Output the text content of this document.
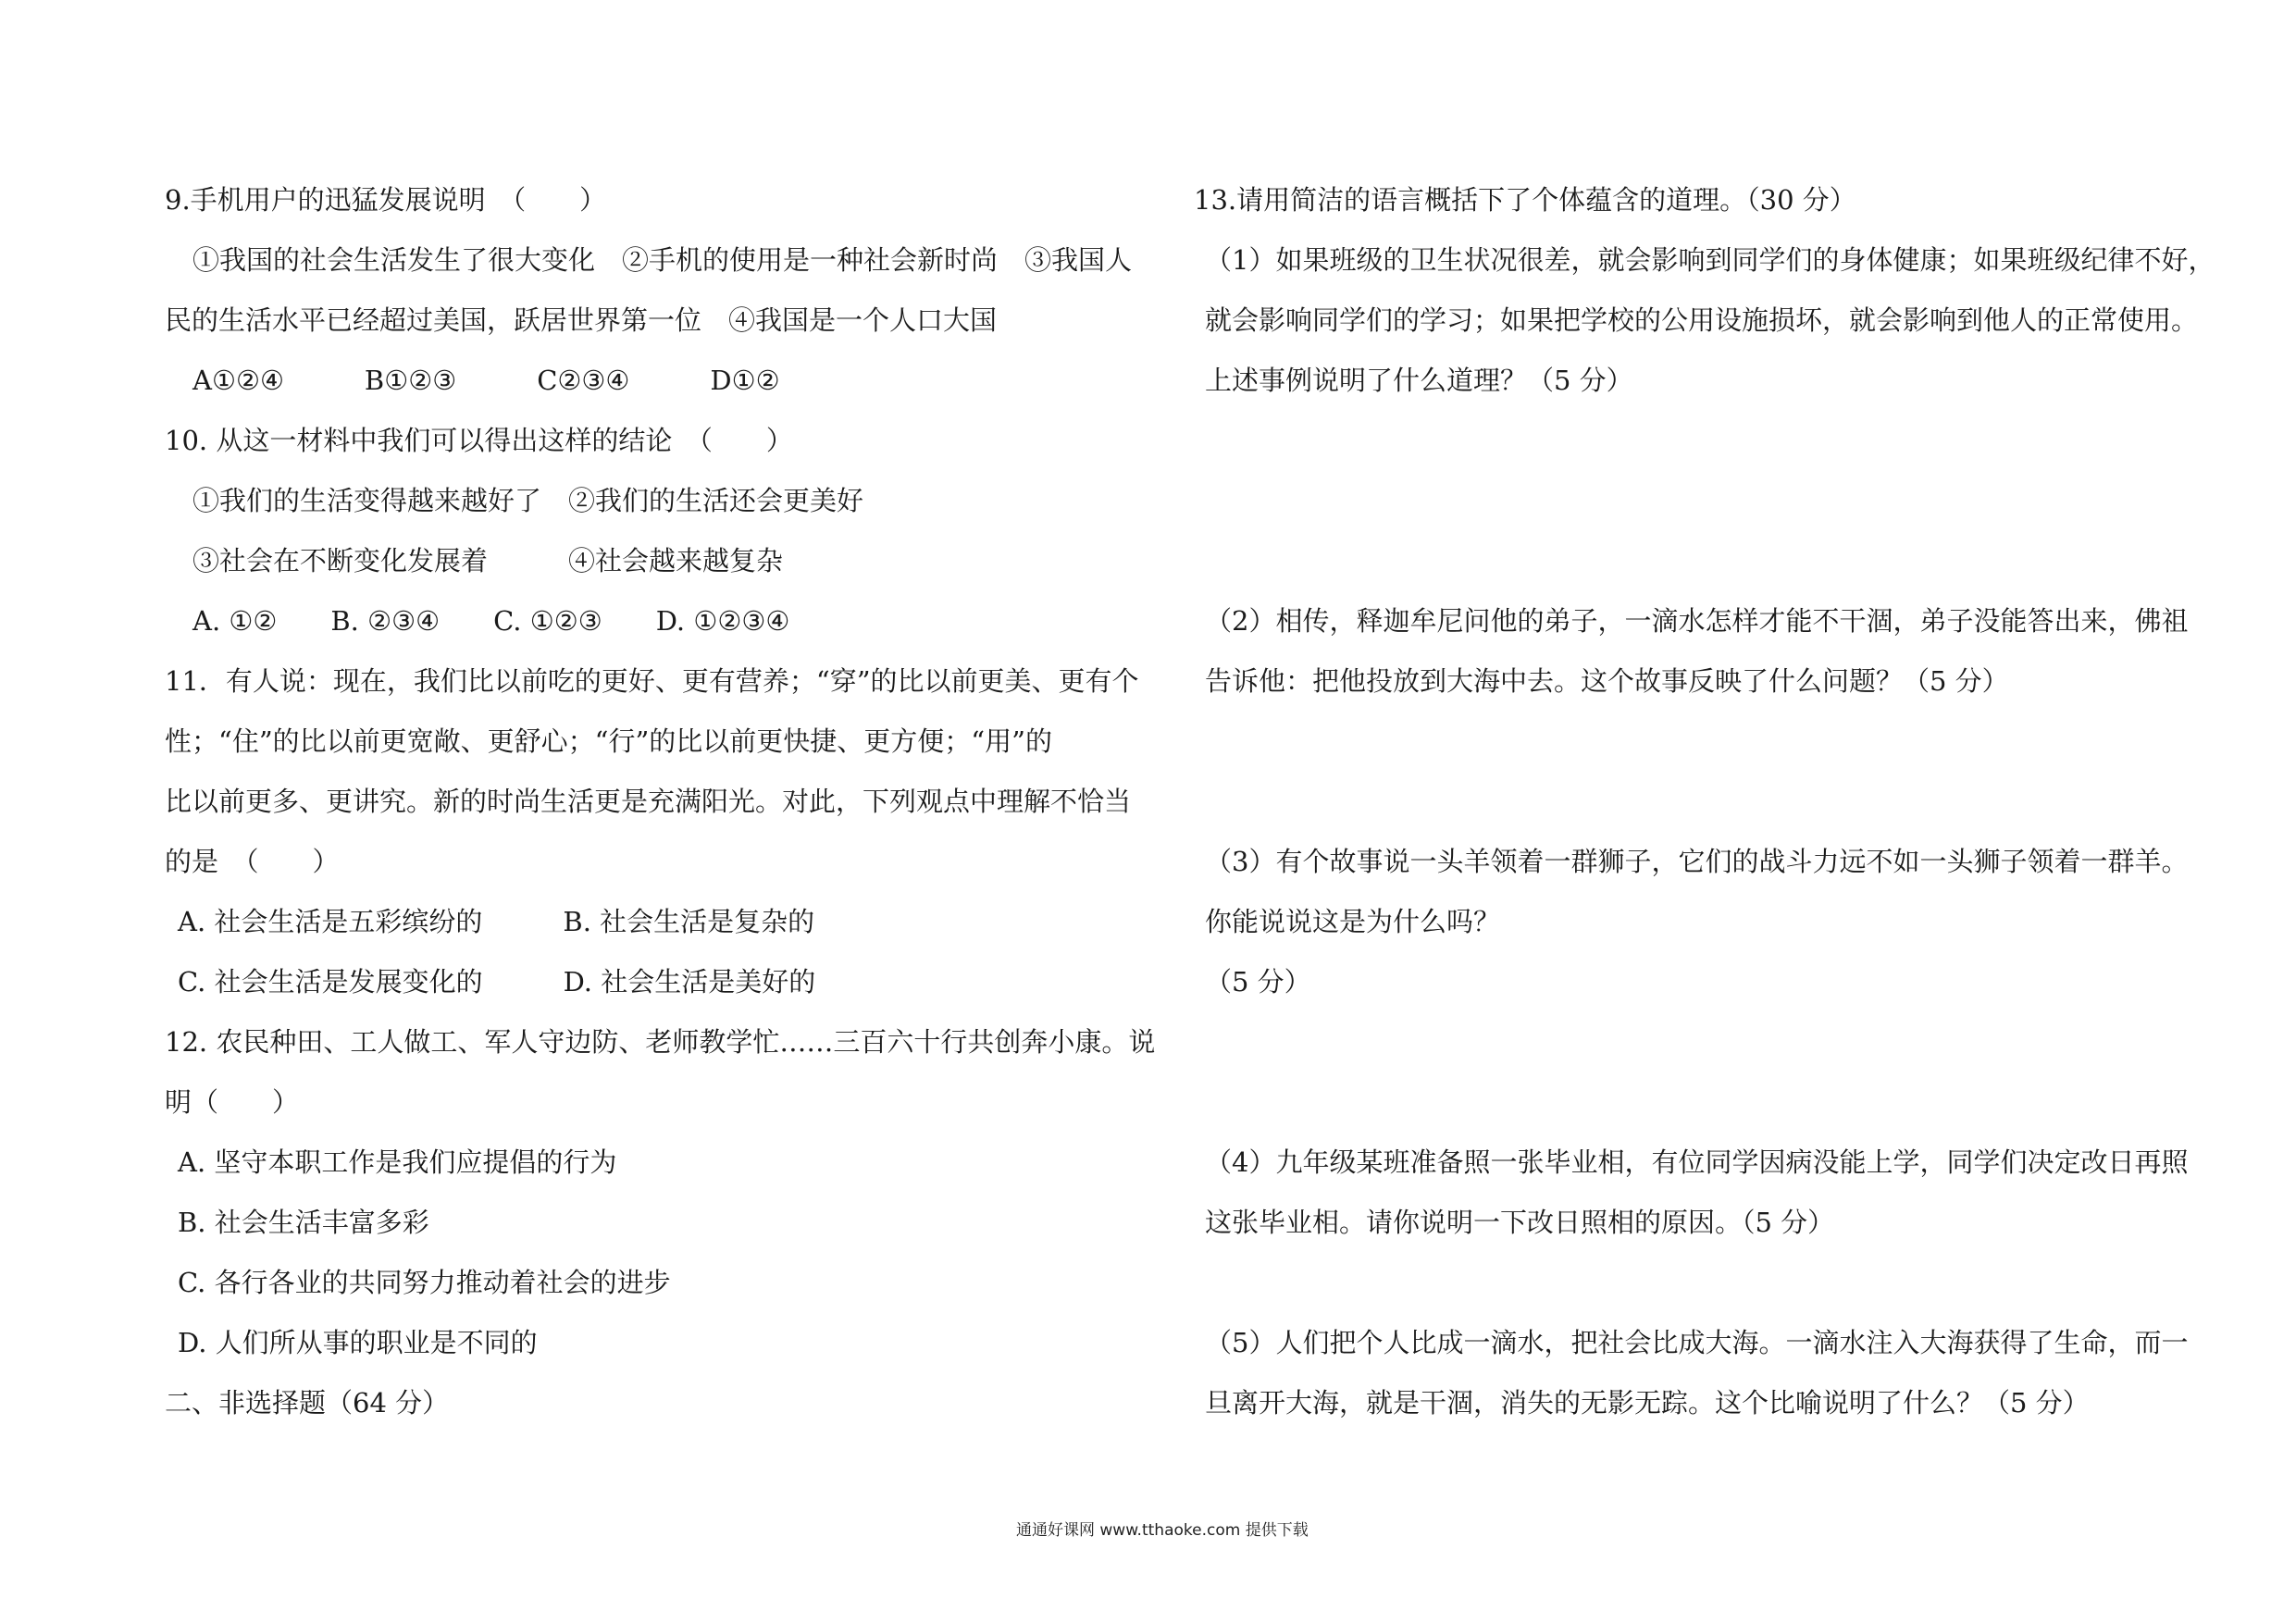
9.手机用户的迅猛发展说明　（　　）
①我国的社会生活发生了很大变化　②手机的使用是一种社会新时尚　③我国人
民的生活水平已经超过美国，跃居世界第一位　④我国是一个人口大国
A①②④　　　B①②③　　　C②③④　　　D①②
10. 从这一材料中我们可以得出这样的结论　（　　）
①我们的生活变得越来越好了　②我们的生活还会更美好
③社会在不断变化发展着　　　④社会越来越复杂
A. ①②　　B. ②③④　　C. ①②③　　D. ①②③④
11．有人说：现在，我们比以前吃的更好、更有营养；“穿”的比以前更美、更有个
性；“住”的比以前更宽敞、更舒心；“行”的比以前更快捷、更方便；“用”的
比以前更多、更讲究。新的时尚生活更是充满阳光。对此，下列观点中理解不恰当
的是　（　　）
A. 社会生活是五彩缤纷的　　　B. 社会生活是复杂的
C. 社会生活是发展变化的　　　D. 社会生活是美好的
12. 农民种田、工人做工、军人守边防、老师教学忙……三百六十行共创奔小康。说
明（　　）
A. 坚守本职工作是我们应提倡的行为
B. 社会生活丰富多彩
C. 各行各业的共同努力推动着社会的进步
D. 人们所从事的职业是不同的
二、非选择题（64 分）
13.请用简洁的语言概括下了个体蕴含的道理。（30 分）
（1）如果班级的卫生状况很差，就会影响到同学们的身体健康；如果班级纪律不好，
就会影响同学们的学习；如果把学校的公用设施损坏，就会影响到他人的正常使用。
上述事例说明了什么道理？（5 分）
（2）相传，释迦牟尼问他的弟子，一滴水怎样才能不干涸，弟子没能答出来，佛祖
告诉他：把他投放到大海中去。这个故事反映了什么问题？（5 分）
（3）有个故事说一头羊领着一群狮子，它们的战斗力远不如一头狮子领着一群羊。
你能说说这是为什么吗？
（5 分）
（4）九年级某班准备照一张毕业相，有位同学因病没能上学，同学们决定改日再照
这张毕业相。请你说明一下改日照相的原因。（5 分）
（5）人们把个人比成一滴水，把社会比成大海。一滴水注入大海获得了生命，而一
旦离开大海，就是干涸，消失的无影无踪。这个比喻说明了什么？（5 分）
通通好课网 www.tthaoke.com 提供下载
